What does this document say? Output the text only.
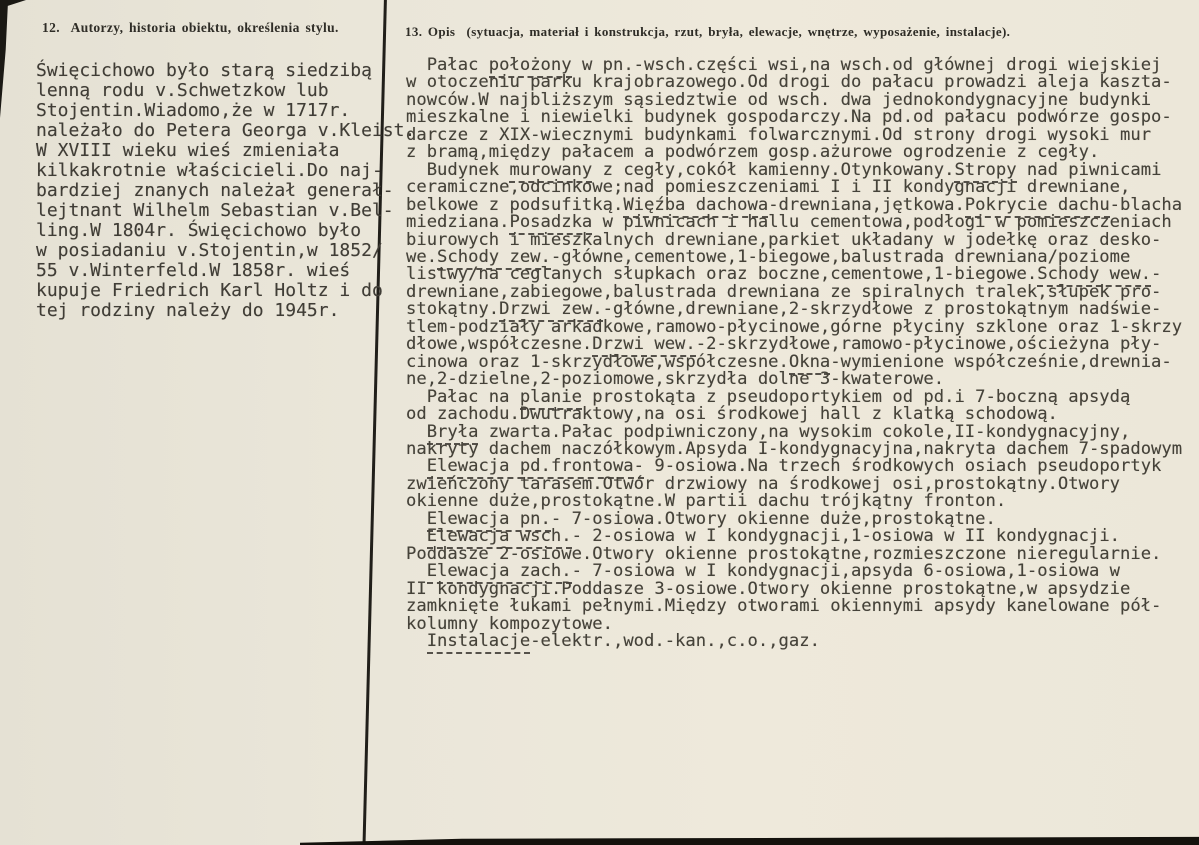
12.  Autorzy, historia obiektu, określenia stylu.	13. Opis  (sytuacja, materiał i konstrukcja, rzut, bryła, elewacje, wnętrze, wyposażenie, instalacje).
Święcichowo było starą siedzibą
lenną rodu v.Schwetzkow lub
Stojentin.Wiadomo,że w 1717r.
należało do Petera Georga v.Kleist.
W XVIII wieku wieś zmieniała
kilkakrotnie właścicieli.Do naj-
bardziej znanych należał generał-
lejtnant Wilhelm Sebastian v.Bel-
ling.W 1804r. Święcichowo było
w posiadaniu v.Stojentin,w 1852/
55 v.Winterfeld.W 1858r. wieś
kupuje Friedrich Karl Holtz i do
tej rodziny należy do 1945r.
Pałac położony w pn.-wsch.części wsi,na wsch.od głównej drogi wiejskiej
w otoczeniu parku krajobrazowego.Od drogi do pałacu prowadzi aleja kaszta-
nowców.W najbliższym sąsiedztwie od wsch. dwa jednokondygnacyjne budynki
mieszkalne i niewielki budynek gospodarczy.Na pd.od pałacu podwórze gospo-
darcze z XIX-wiecznymi budynkami folwarcznymi.Od strony drogi wysoki mur
z bramą,między pałacem a podwórzem gosp.ażurowe ogrodzenie z cegły.
Budynek murowany z cegły,cokół kamienny.Otynkowany.Stropy nad piwnicami
ceramiczne,odcinkowe;nad pomieszczeniami I i II kondygnacji drewniane,
belkowe z podsufitką.Więźba dachowa-drewniana,jętkowa.Pokrycie dachu-blacha
miedziana.Posadzka w piwnicach i hallu cementowa,podłogi w pomieszczeniach
biurowych i mieszkalnych drewniane,parkiet układany w jodełkę oraz desko-
we.Schody zew.-główne,cementowe,1-biegowe,balustrada drewniana/poziome
listwy/na ceglanych słupkach oraz boczne,cementowe,1-biegowe.Schody wew.-
drewniane,zabiegowe,balustrada drewniana ze spiralnych tralek,słupek pro-
stokątny.Drzwi zew.-główne,drewniane,2-skrzydłowe z prostokątnym nadświe-
tlem-podziały arkadkowe,ramowo-płycinowe,górne płyciny szklone oraz 1-skrzy
dłowe,współczesne.Drzwi wew.-2-skrzydłowe,ramowo-płycinowe,ościeżyna pły-
cinowa oraz 1-skrzydłowe,współczesne.Okna-wymienione współcześnie,drewnia-
ne,2-dzielne,2-poziomowe,skrzydła dolne 3-kwaterowe.
Pałac na planie prostokąta z pseudoportykiem od pd.i 7-boczną apsydą
od zachodu.Dwutraktowy,na osi środkowej hall z klatką schodową.
Bryła zwarta.Pałac podpiwniczony,na wysokim cokole,II-kondygnacyjny,
nakryty dachem naczółkowym.Apsyda I-kondygnacyjna,nakryta dachem 7-spadowym
Elewacja pd.frontowa- 9-osiowa.Na trzech środkowych osiach pseudoportyk
zwieńczony tarasem.Otwór drzwiowy na środkowej osi,prostokątny.Otwory
okienne duże,prostokątne.W partii dachu trójkątny fronton.
Elewacja pn.- 7-osiowa.Otwory okienne duże,prostokątne.
Elewacja wsch.- 2-osiowa w I kondygnacji,1-osiowa w II kondygnacji.
Poddasze 2-osiowe.Otwory okienne prostokątne,rozmieszczone nieregularnie.
Elewacja zach.- 7-osiowa w I kondygnacji,apsyda 6-osiowa,1-osiowa w
II kondygnacji.Poddasze 3-osiowe.Otwory okienne prostokątne,w apsydzie
zamknięte łukami pełnymi.Między otworami okiennymi apsydy kanelowane pół-
kolumny kompozytowe.
Instalacje-elektr.,wod.-kan.,c.o.,gaz.
